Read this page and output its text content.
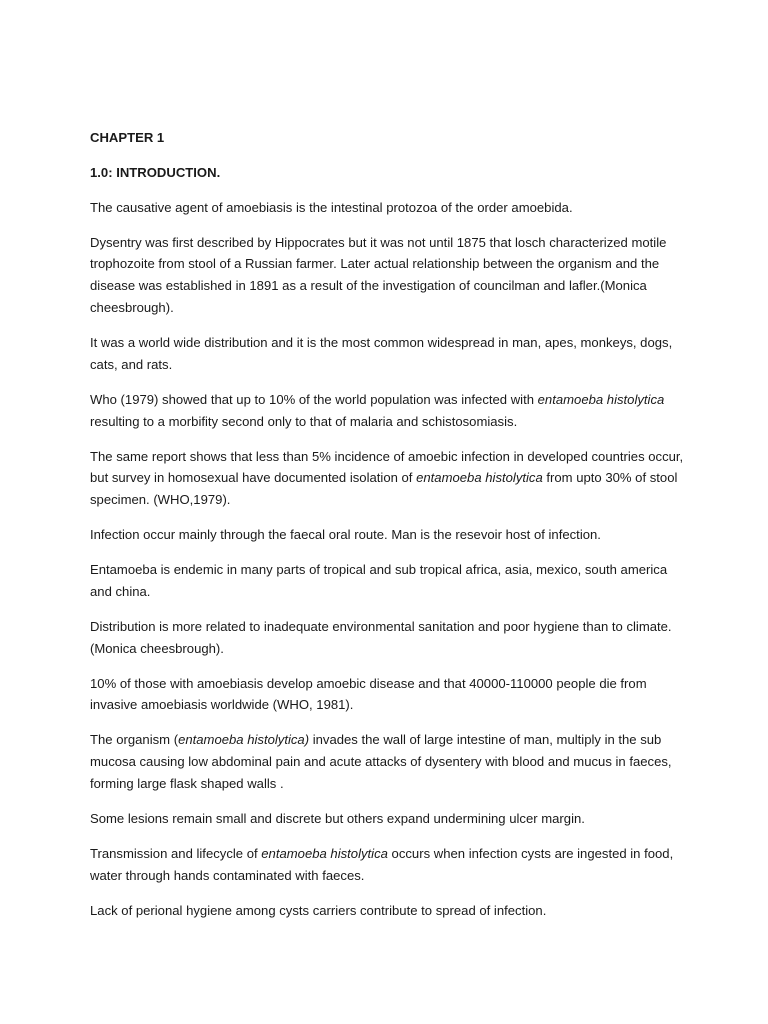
CHAPTER 1
1.0: INTRODUCTION.

The causative agent of amoebiasis is the intestinal protozoa of the order amoebida.

Dysentry was first described by Hippocrates but it was not until 1875 that losch characterized motile trophozoite from stool of a Russian farmer. Later actual relationship between the organism and the disease was established in 1891 as a result of the investigation of councilman and lafler.(Monica cheesbrough).

It was a world wide distribution and it is the most common widespread in man, apes, monkeys, dogs, cats, and rats.

Who (1979) showed that up to 10% of the world population was infected with entamoeba histolytica resulting to a morbifity second only to that of malaria and schistosomiasis.

The same report shows that less than 5% incidence of amoebic infection in developed countries occur, but survey in homosexual have documented isolation of entamoeba histolytica from upto 30% of stool specimen. (WHO,1979).

Infection occur mainly through the faecal oral route. Man is the resevoir host of infection.

Entamoeba is endemic in many parts of tropical and sub tropical africa, asia, mexico, south america and china.

Distribution is more related to inadequate environmental sanitation and poor hygiene than to climate. (Monica cheesbrough).

10% of those with amoebiasis develop amoebic disease and that 40000-110000 people die from invasive amoebiasis worldwide (WHO, 1981).

The organism (entamoeba histolytica) invades the wall of large intestine of man, multiply in the sub mucosa causing low abdominal pain and acute attacks of dysentery with blood and mucus in faeces, forming large flask shaped walls .

Some lesions remain small and discrete but others expand undermining ulcer margin.

Transmission and lifecycle of entamoeba histolytica occurs when infection cysts are ingested in food, water through hands contaminated with faeces.

Lack of perional hygiene among cysts carriers contribute to spread of infection.
